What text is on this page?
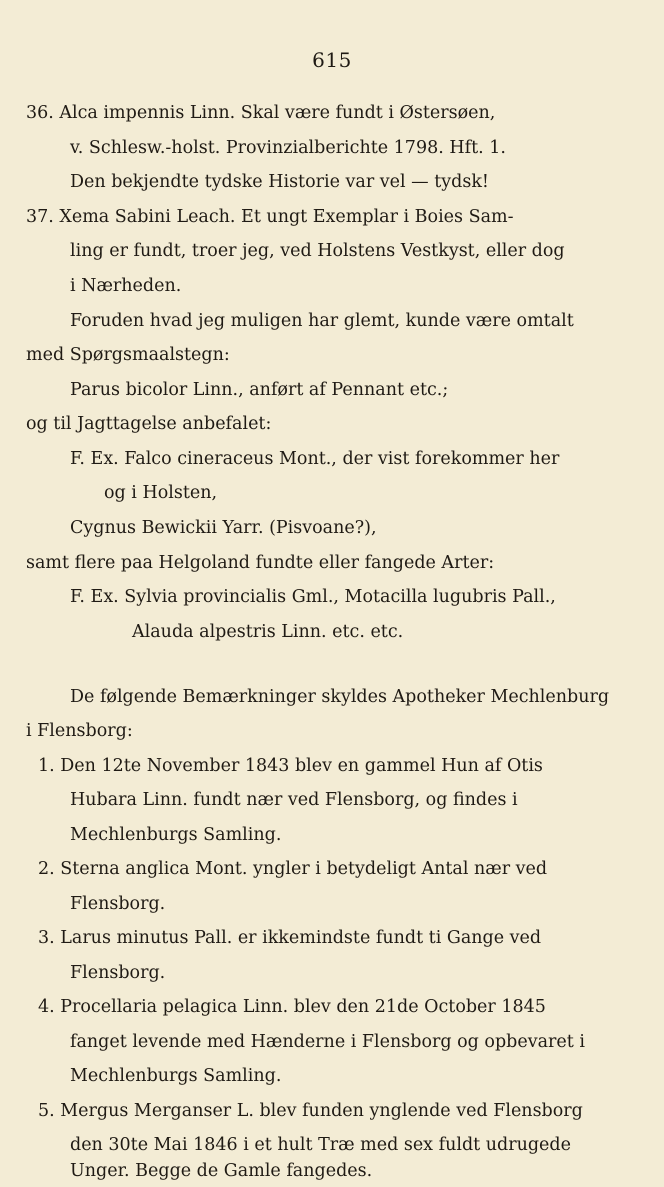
615
36. Alca impennis Linn. Skal være fundt i Østersøen,
v. Schlesw.-holst. Provinzialberichte 1798. Hft. 1.
Den bekjendte tydske Historie var vel — tydsk!
37. Xema Sabini Leach. Et ungt Exemplar i Boies Sam-
ling er fundt, troer jeg, ved Holstens Vestkyst, eller dog
i Nærheden.
Foruden hvad jeg muligen har glemt, kunde være omtalt
med Spørgsmaalstegn:
Parus bicolor Linn., anført af Pennant etc.;
og til Jagttagelse anbefalet:
F. Ex. Falco cineraceus Mont., der vist forekommer her
og i Holsten,
Cygnus Bewickii Yarr. (Pisvoane?),
samt flere paa Helgoland fundte eller fangede Arter:
F. Ex. Sylvia provincialis Gml., Motacilla lugubris Pall.,
Alauda alpestris Linn. etc. etc.
De følgende Bemærkninger skyldes Apotheker Mechlenburg
i Flensborg:
1. Den 12te November 1843 blev en gammel Hun af Otis
Hubara Linn. fundt nær ved Flensborg, og findes i
Mechlenburgs Samling.
2. Sterna anglica Mont. yngler i betydeligt Antal nær ved
Flensborg.
3. Larus minutus Pall. er ikkemindste fundt ti Gange ved
Flensborg.
4. Procellaria pelagica Linn. blev den 21de October 1845
fanget levende med Hænderne i Flensborg og opbevaret i
Mechlenburgs Samling.
5. Mergus Merganser L. blev funden ynglende ved Flensborg
den 30te Mai 1846 i et hult Træ med sex fuldt udrugede
Unger. Begge de Gamle fangedes.
